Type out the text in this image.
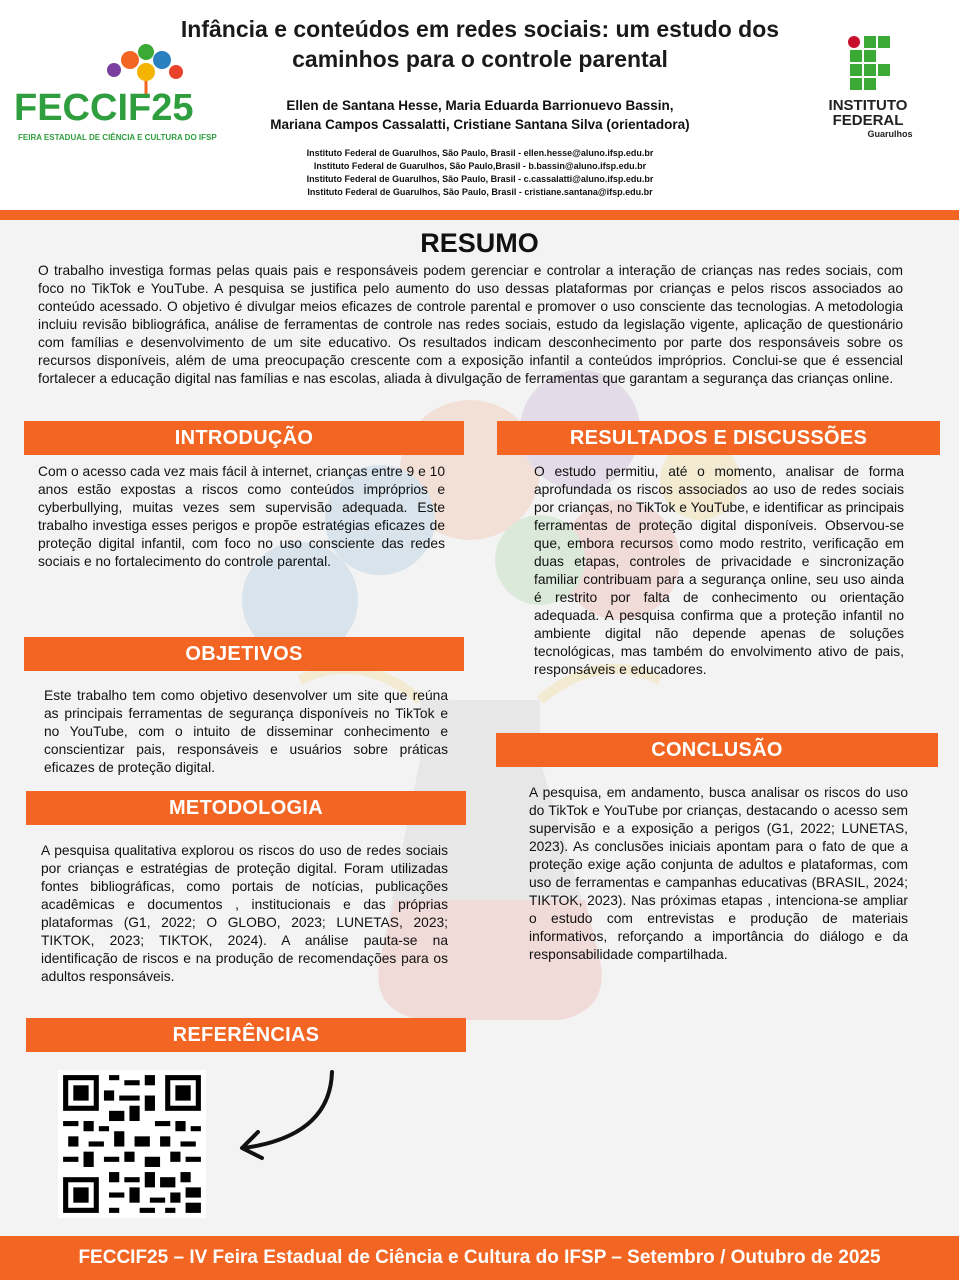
FECCIF25
FEIRA ESTADUAL DE CIÊNCIA E CULTURA DO IFSP
Infância e conteúdos em redes sociais: um estudo dos caminhos para o controle parental
Ellen de Santana Hesse, Maria Eduarda Barrionuevo Bassin,
Mariana Campos Cassalatti, Cristiane Santana Silva (orientadora)
Instituto Federal de Guarulhos, São Paulo, Brasil - ellen.hesse@aluno.ifsp.edu.br
Instituto Federal de Guarulhos, São Paulo,Brasil - b.bassin@aluno.ifsp.edu.br
Instituto Federal de Guarulhos, São Paulo, Brasil - c.cassalatti@aluno.ifsp.edu.br
Instituto Federal de Guarulhos, São Paulo, Brasil - cristiane.santana@ifsp.edu.br
INSTITUTO
FEDERAL
Guarulhos
RESUMO
O trabalho investiga formas pelas quais pais e responsáveis podem gerenciar e controlar a interação de crianças nas redes sociais, com foco no TikTok e YouTube. A pesquisa se justifica pelo aumento do uso dessas plataformas por crianças e pelos riscos associados ao conteúdo acessado. O objetivo é divulgar meios eficazes de controle parental e promover o uso consciente das tecnologias. A metodologia incluiu revisão bibliográfica, análise de ferramentas de controle nas redes sociais, estudo da legislação vigente, aplicação de questionário com famílias e desenvolvimento de um site educativo. Os resultados indicam desconhecimento por parte dos responsáveis sobre os recursos disponíveis, além de uma preocupação crescente com a exposição infantil a conteúdos impróprios. Conclui-se que é essencial fortalecer a educação digital nas famílias e nas escolas, aliada à divulgação de ferramentas que garantam a segurança das crianças online.
INTRODUÇÃO
Com o acesso cada vez mais fácil à internet, crianças entre 9 e 10 anos estão expostas a riscos como conteúdos impróprios e cyberbullying, muitas vezes sem supervisão adequada. Este trabalho investiga esses perigos e propõe estratégias eficazes de proteção digital infantil, com foco no uso consciente das redes sociais e no fortalecimento do controle parental.
OBJETIVOS
Este trabalho tem como objetivo desenvolver um site que reúna as principais ferramentas de segurança disponíveis no TikTok e no YouTube, com o intuito de disseminar conhecimento e conscientizar pais, responsáveis e usuários sobre práticas eficazes de proteção digital.
METODOLOGIA
A pesquisa qualitativa explorou os riscos do uso de redes sociais por crianças e estratégias de proteção digital. Foram utilizadas fontes bibliográficas, como portais de notícias, publicações acadêmicas e documentos , institucionais e das próprias plataformas (G1, 2022; O GLOBO, 2023; LUNETAS, 2023; TIKTOK, 2023; TIKTOK, 2024). A análise pauta-se na identificação de riscos e na produção de recomendações para os adultos responsáveis.
REFERÊNCIAS
RESULTADOS E DISCUSSÕES
O estudo permitiu, até o momento, analisar de forma aprofundada os riscos associados ao uso de redes sociais por crianças, no TikTok e YouTube, e identificar as principais ferramentas de proteção digital disponíveis. Observou-se que, embora recursos como modo restrito, verificação em duas etapas, controles de privacidade e sincronização familiar contribuam para a segurança online, seu uso ainda é restrito por falta de conhecimento ou orientação adequada. A pesquisa confirma que a proteção infantil no ambiente digital não depende apenas de soluções tecnológicas, mas também do envolvimento ativo de pais, responsáveis e educadores.
CONCLUSÃO
A pesquisa, em andamento, busca analisar os riscos do uso do TikTok e YouTube por crianças, destacando o acesso sem supervisão e a exposição a perigos (G1, 2022; LUNETAS, 2023). As conclusões iniciais apontam para o fato de que a proteção exige ação conjunta de adultos e plataformas, com uso de ferramentas e campanhas educativas (BRASIL, 2024; TIKTOK, 2023). Nas próximas etapas , intenciona-se ampliar o estudo com entrevistas e produção de materiais informativos, reforçando a importância do diálogo e da responsabilidade compartilhada.
FECCIF25 – IV Feira Estadual de Ciência e Cultura do IFSP – Setembro / Outubro de 2025
